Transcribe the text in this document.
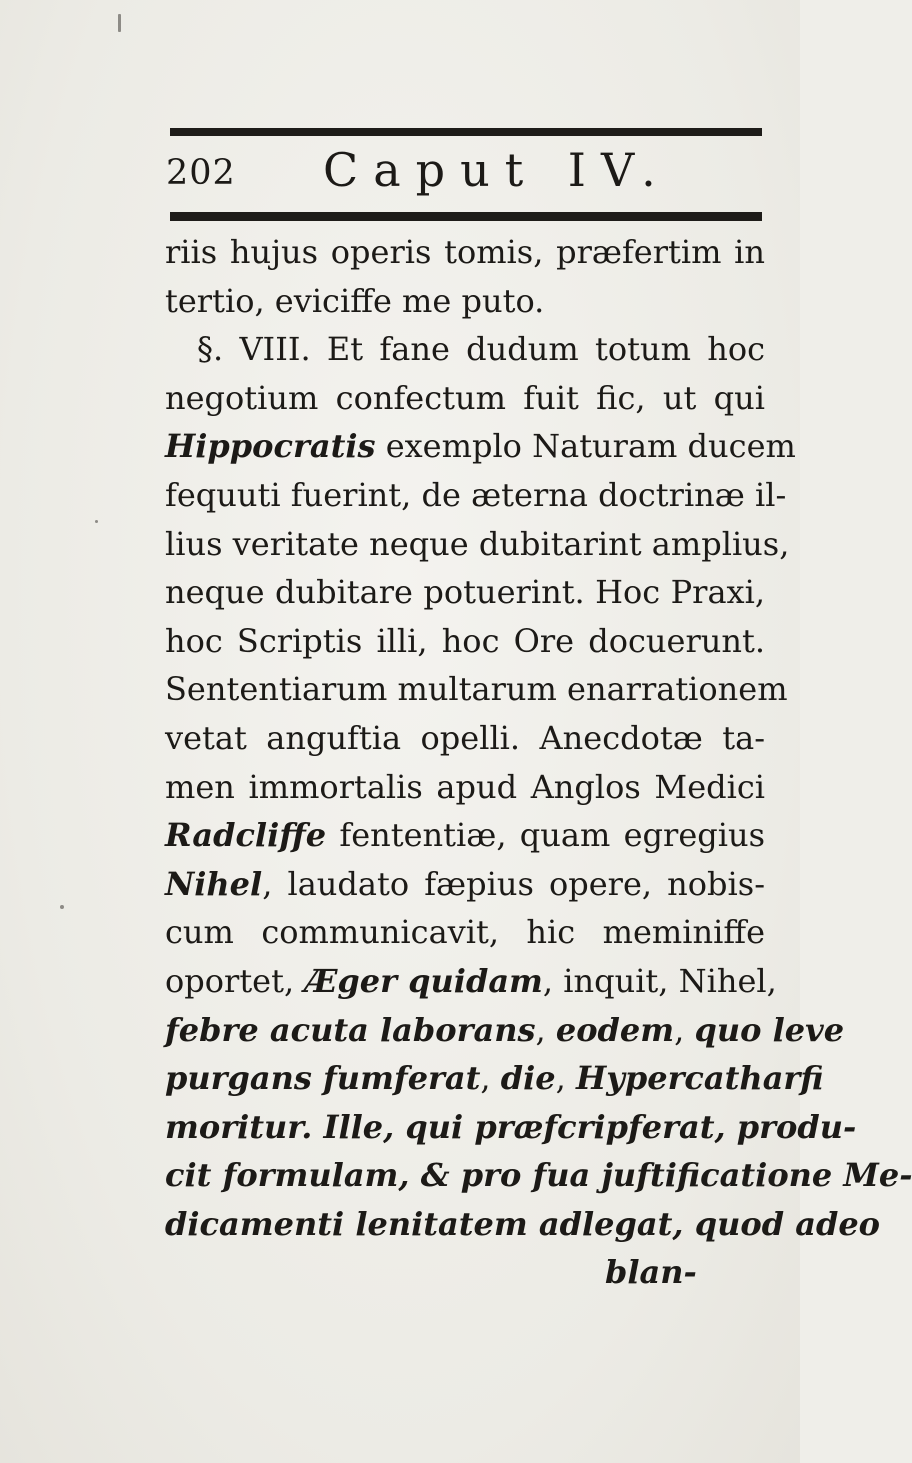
202 Caput IV.
riis hujus operis tomis, præfertim in
tertio, eviciffe me puto.
§. VIII. Et fane dudum totum hoc
negotium confectum fuit fic, ut qui
Hippocratis exemplo Naturam ducem
fequuti fuerint, de æterna doctrinæ il-
lius veritate neque dubitarint amplius,
neque dubitare potuerint. Hoc Praxi,
hoc Scriptis illi, hoc Ore docuerunt.
Sententiarum multarum enarrationem
vetat anguftia opelli. Anecdotæ ta-
men immortalis apud Anglos Medici
Radcliffe fententiæ, quam egregius
Nihel, laudato fæpius opere, nobis-
cum communicavit, hic meminiffe
oportet, Æger quidam, inquit, Nihel,
febre acuta laborans, eodem, quo leve
purgans fumferat, die, Hypercatharfi
moritur. Ille, qui præfcripferat, produ-
cit formulam, & pro fua juftificatione Me-
dicamenti lenitatem adlegat, quod adeo
blan-
